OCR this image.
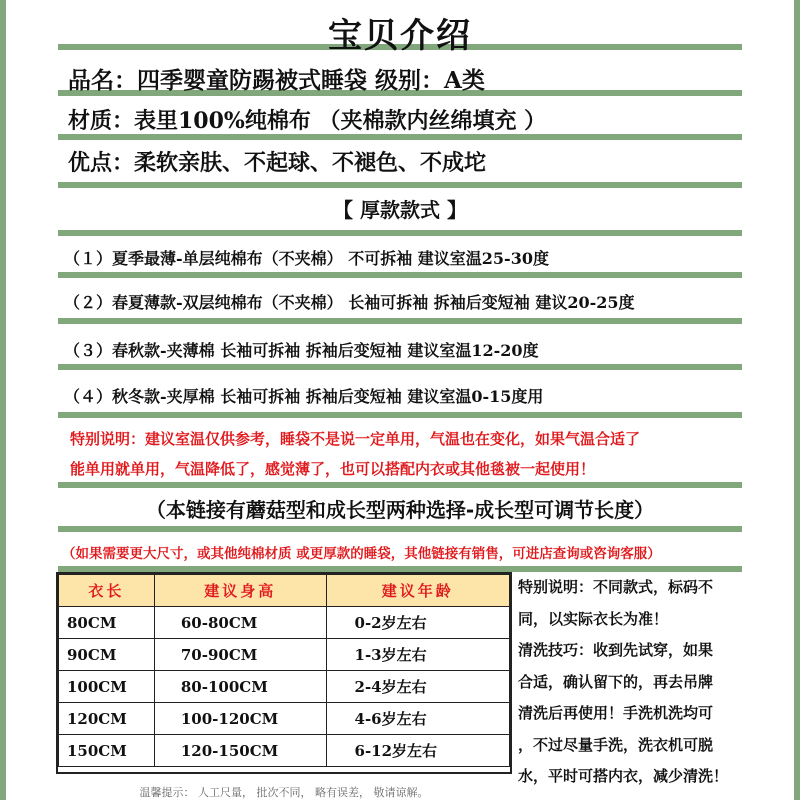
宝贝介绍
品名：四季婴童防踢被式睡袋 级别：A类
材质：表里100%纯棉布 （夹棉款内丝绵填充 ）
优点：柔软亲肤、不起球、不褪色、不成坨
【 厚款款式 】
（１）夏季最薄-单层纯棉布（不夹棉） 不可拆袖 建议室温25-30度
（２）春夏薄款-双层纯棉布（不夹棉） 长袖可拆袖 拆袖后变短袖 建议20-25度
（３）春秋款-夹薄棉 长袖可拆袖 拆袖后变短袖 建议室温12-20度
（４）秋冬款-夹厚棉 长袖可拆袖 拆袖后变短袖 建议室温0-15度用
特别说明：建议室温仅供参考，睡袋不是说一定单用，气温也在变化，如果气温合适了
能单用就单用，气温降低了，感觉薄了，也可以搭配内衣或其他毯被一起使用！
（本链接有蘑菇型和成长型两种选择-成长型可调节长度）
（如果需要更大尺寸，或其他纯棉材质 或更厚款的睡袋，其他链接有销售，可进店查询或咨询客服）
衣长	建议身高	建议年龄
80CM	60-80CM	0-2岁左右
90CM	70-90CM	1-3岁左右
100CM	80-100CM	2-4岁左右
120CM	100-120CM	4-6岁左右
150CM	120-150CM	6-12岁左右
温馨提示： 人工尺量， 批次不同， 略有误差， 敬请谅解。
特别说明：不同款式，标码不
同，以实际衣长为准！
清洗技巧：收到先试穿，如果
合适，确认留下的，再去吊牌
清洗后再使用！手洗机洗均可
，不过尽量手洗，洗衣机可脱
水，平时可搭内衣，减少清洗！
